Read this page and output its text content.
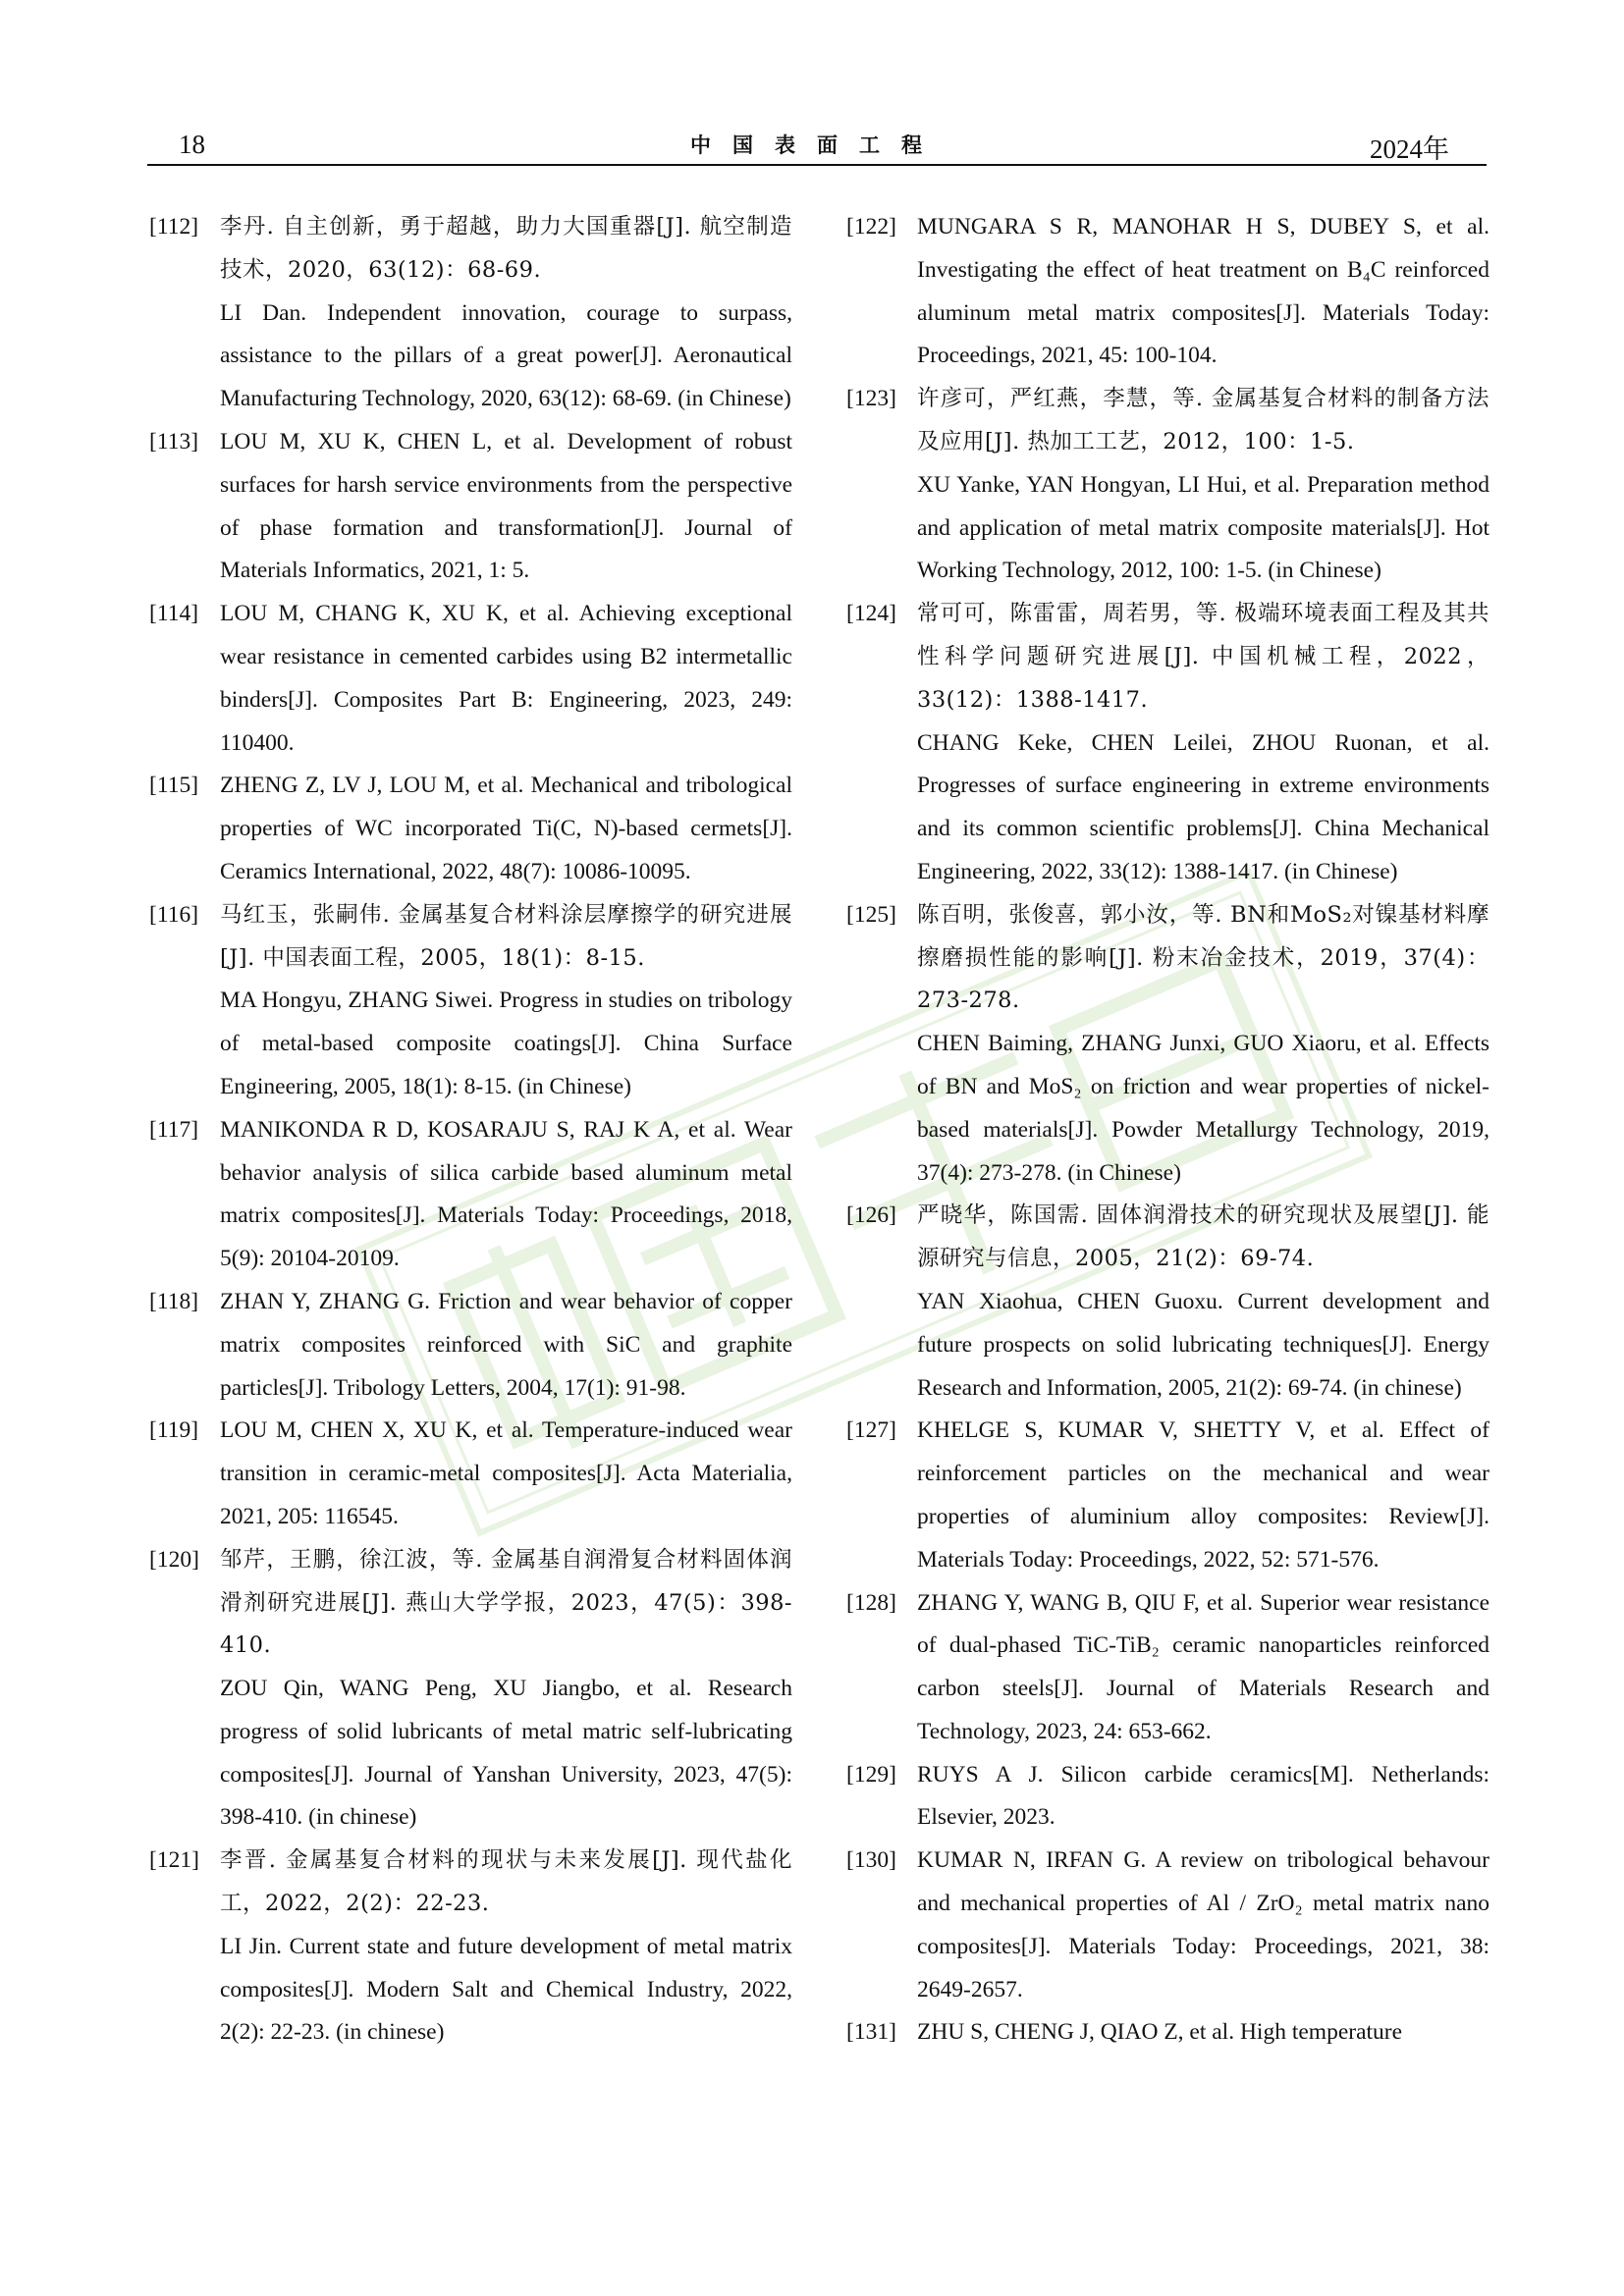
18	中国表面工程	2024年
[112] 李丹. 自主创新，勇于超越，助力大国重器[J]. 航空制造技术，2020，63(12)：68-69.

LI Dan. Independent innovation, courage to surpass, assistance to the pillars of a great power[J]. Aeronautical Manufacturing Technology, 2020, 63(12): 68-69. (in Chinese)

[113] LOU M, XU K, CHEN L, et al. Development of robust surfaces for harsh service environments from the perspective of phase formation and transformation[J]. Journal of Materials Informatics, 2021, 1: 5.

[114] LOU M, CHANG K, XU K, et al. Achieving exceptional wear resistance in cemented carbides using B2 intermetallic binders[J]. Composites Part B: Engineering, 2023, 249: 110400.

[115] ZHENG Z, LV J, LOU M, et al. Mechanical and tribological properties of WC incorporated Ti(C, N)-based cermets[J]. Ceramics International, 2022, 48(7): 10086-10095.

[116] 马红玉，张嗣伟. 金属基复合材料涂层摩擦学的研究进展[J]. 中国表面工程，2005，18(1)：8-15.

MA Hongyu, ZHANG Siwei. Progress in studies on tribology of metal-based composite coatings[J]. China Surface Engineering, 2005, 18(1): 8-15. (in Chinese)

[117] MANIKONDA R D, KOSARAJU S, RAJ K A, et al. Wear behavior analysis of silica carbide based aluminum metal matrix composites[J]. Materials Today: Proceedings, 2018, 5(9): 20104-20109.

[118] ZHAN Y, ZHANG G. Friction and wear behavior of copper matrix composites reinforced with SiC and graphite particles[J]. Tribology Letters, 2004, 17(1): 91-98.

[119] LOU M, CHEN X, XU K, et al. Temperature-induced wear transition in ceramic-metal composites[J]. Acta Materialia, 2021, 205: 116545.

[120] 邹芹，王鹏，徐江波，等. 金属基自润滑复合材料固体润滑剂研究进展[J]. 燕山大学学报，2023，47(5)：398-410.

ZOU Qin, WANG Peng, XU Jiangbo, et al. Research progress of solid lubricants of metal matric self-lubricating composites[J]. Journal of Yanshan University, 2023, 47(5): 398-410. (in chinese)

[121] 李晋. 金属基复合材料的现状与未来发展[J]. 现代盐化工，2022，2(2)：22-23.

LI Jin. Current state and future development of metal matrix composites[J]. Modern Salt and Chemical Industry, 2022, 2(2): 22-23. (in chinese)

[122] MUNGARA S R, MANOHAR H S, DUBEY S, et al. Investigating the effect of heat treatment on B₄C reinforced aluminum metal matrix composites[J]. Materials Today: Proceedings, 2021, 45: 100-104.

[123] 许彦可，严红燕，李慧，等. 金属基复合材料的制备方法及应用[J]. 热加工工艺，2012，100：1-5.

XU Yanke, YAN Hongyan, LI Hui, et al. Preparation method and application of metal matrix composite materials[J]. Hot Working Technology, 2012, 100: 1-5. (in Chinese)

[124] 常可可，陈雷雷，周若男，等. 极端环境表面工程及其共性科学问题研究进展[J]. 中国机械工程，2022，33(12)：1388-1417.

CHANG Keke, CHEN Leilei, ZHOU Ruonan, et al. Progresses of surface engineering in extreme environments and its common scientific problems[J]. China Mechanical Engineering, 2022, 33(12): 1388-1417. (in Chinese)

[125] 陈百明，张俊喜，郭小汝，等. BN和MoS₂对镍基材料摩擦磨损性能的影响[J]. 粉末冶金技术，2019，37(4)：273-278.

CHEN Baiming, ZHANG Junxi, GUO Xiaoru, et al. Effects of BN and MoS₂ on friction and wear properties of nickel-based materials[J]. Powder Metallurgy Technology, 2019, 37(4): 273-278. (in Chinese)

[126] 严晓华，陈国需. 固体润滑技术的研究现状及展望[J]. 能源研究与信息，2005，21(2)：69-74.

YAN Xiaohua, CHEN Guoxu. Current development and future prospects on solid lubricating techniques[J]. Energy Research and Information, 2005, 21(2): 69-74. (in chinese)

[127] KHELGE S, KUMAR V, SHETTY V, et al. Effect of reinforcement particles on the mechanical and wear properties of aluminium alloy composites: Review[J]. Materials Today: Proceedings, 2022, 52: 571-576.

[128] ZHANG Y, WANG B, QIU F, et al. Superior wear resistance of dual-phased TiC-TiB₂ ceramic nanoparticles reinforced carbon steels[J]. Journal of Materials Research and Technology, 2023, 24: 653-662.

[129] RUYS A J. Silicon carbide ceramics[M]. Netherlands: Elsevier, 2023.

[130] KUMAR N, IRFAN G. A review on tribological behavour and mechanical properties of Al / ZrO₂ metal matrix nano composites[J]. Materials Today: Proceedings, 2021, 38: 2649-2657.

[131] ZHU S, CHENG J, QIAO Z, et al. High temperature
